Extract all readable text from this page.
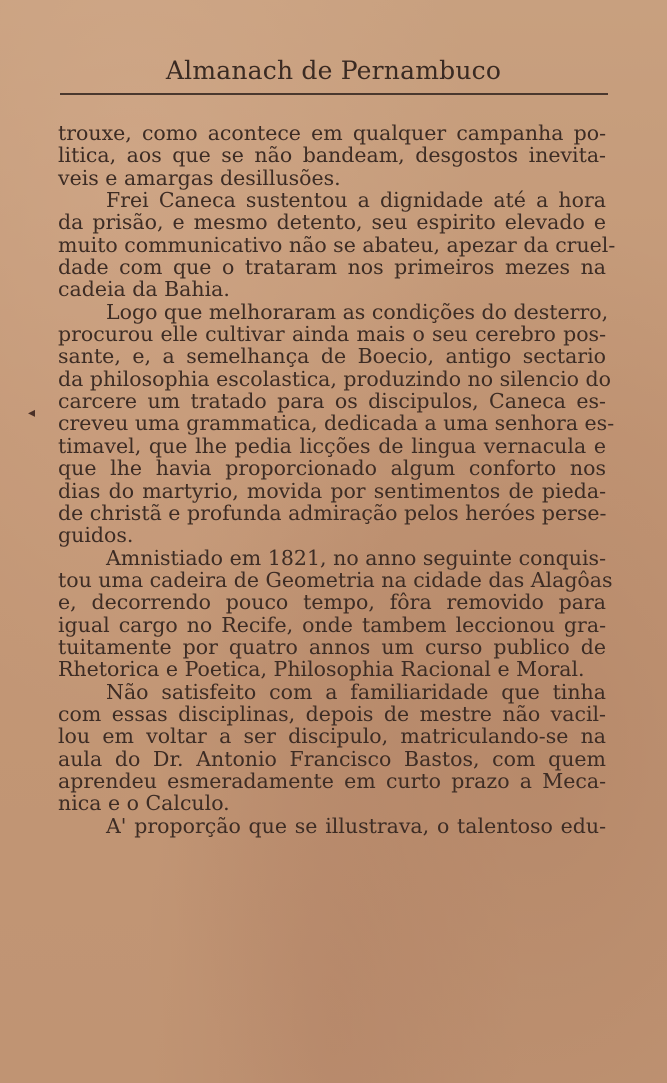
Almanach de Pernambuco
◂
trouxe, como acontece em qualquer campanha po-
litica, aos que se não bandeam, desgostos inevita-
veis e amargas desillusões.
Frei Caneca sustentou a dignidade até a hora
da prisão, e mesmo detento, seu espirito elevado e
muito communicativo não se abateu, apezar da cruel-
dade com que o trataram nos primeiros mezes na
cadeia da Bahia.
Logo que melhoraram as condições do desterro,
procurou elle cultivar ainda mais o seu cerebro pos-
sante, e, a semelhança de Boecio, antigo sectario
da philosophia escolastica, produzindo no silencio do
carcere um tratado para os discipulos, Caneca es-
creveu uma grammatica, dedicada a uma senhora es-
timavel, que lhe pedia licções de lingua vernacula e
que lhe havia proporcionado algum conforto nos
dias do martyrio, movida por sentimentos de pieda-
de christã e profunda admiração pelos heróes perse-
guidos.
Amnistiado em 1821, no anno seguinte conquis-
tou uma cadeira de Geometria na cidade das Alagôas
e, decorrendo pouco tempo, fôra removido para
igual cargo no Recife, onde tambem leccionou gra-
tuitamente por quatro annos um curso publico de
Rhetorica e Poetica, Philosophia Racional e Moral.
Não satisfeito com a familiaridade que tinha
com essas disciplinas, depois de mestre não vacil-
lou em voltar a ser discipulo, matriculando-se na
aula do Dr. Antonio Francisco Bastos, com quem
aprendeu esmeradamente em curto prazo a Meca-
nica e o Calculo.
A' proporção que se illustrava, o talentoso edu-
